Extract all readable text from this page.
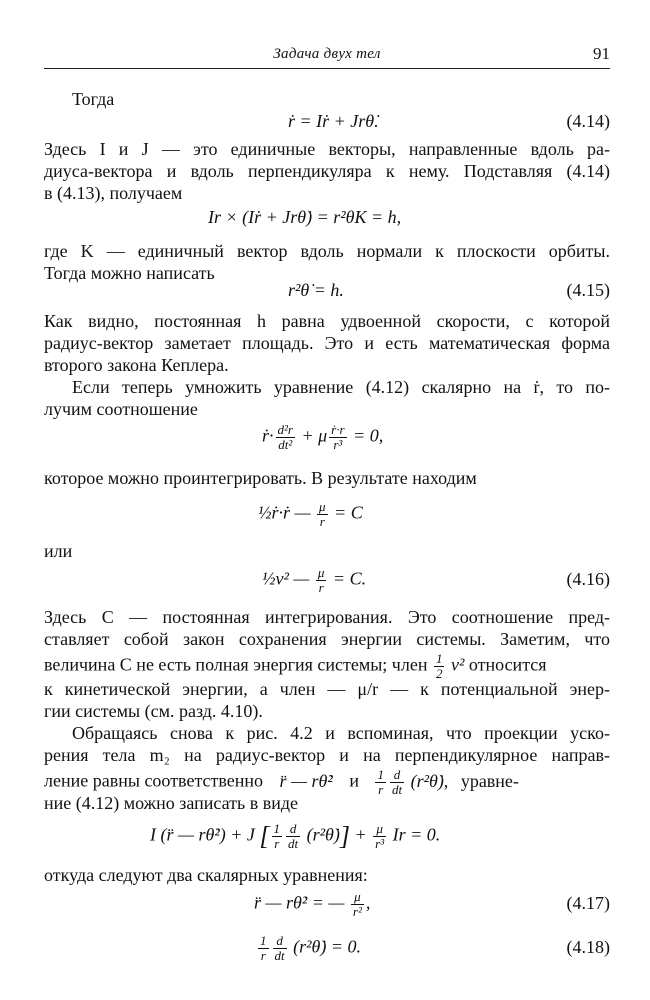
Задача двух тел	91
Тогда
ṙ = Iṙ + Jrθ̇.	(4.14)
Здесь I и J — это единичные векторы, направленные вдоль ра-
диуса-вектора и вдоль перпендикуляра к нему. Подставляя (4.14)
в (4.13), получаем
Ir × (Iṙ + Jrθ̇) = r²θ̇K = h,
где K — единичный вектор вдоль нормали к плоскости орбиты.
Тогда можно написать
r²θ̇ = h.	(4.15)
Как видно, постоянная h равна удвоенной скорости, с которой
радиус-вектор заметает площадь. Это и есть математическая форма
второго закона Кеплера.
Если теперь умножить уравнение (4.12) скалярно на ṙ, то по-
лучим соотношение
ṙ· $\frac{\text{d²r}}{\text{dt²}} + \mu \frac{\text{ṙ·r}}{\text{r³}} = 0$,
которое можно проинтегрировать. В результате находим
½ṙ·ṙ — $\frac{\mu}{r} = C$
или
½v² — $\frac{\mu}{r} = C$.	(4.16)
Здесь C — постоянная интегрирования. Это соотношение пред-
ставляет собой закон сохранения энергии системы. Заметим, что
величина C не есть полная энергия системы; член $\frac{1}{2} v^2$ относится
к кинетической энергии, а член — μ/r — к потенциальной энер-
гии системы (см. разд. 4.10).
Обращаясь снова к рис. 4.2 и вспоминая, что проекции уско-
рения тела m₂ на радиус-вектор и на перпендикулярное направ-
ление равны соответственно r̈ — rθ̇² и $\frac{1}{r} \frac{d}{dt}$ (r²θ̇), уравне-
ние (4.12) можно записать в виде
I (r̈ — rθ̇²) + J [ $\frac{1}{r} \frac{d}{dt}$ (r²θ̇)] + $\frac{\mu}{\text{r³}}$ Ir = 0.
откуда следуют два скалярных уравнения:
r̈ — rθ̇² = — $\frac{\mu}{\text{r²}}$ ,	(4.17)
$\frac{1}{r} \frac{d}{dt}$ (r²θ̇) = 0.	(4.18)
